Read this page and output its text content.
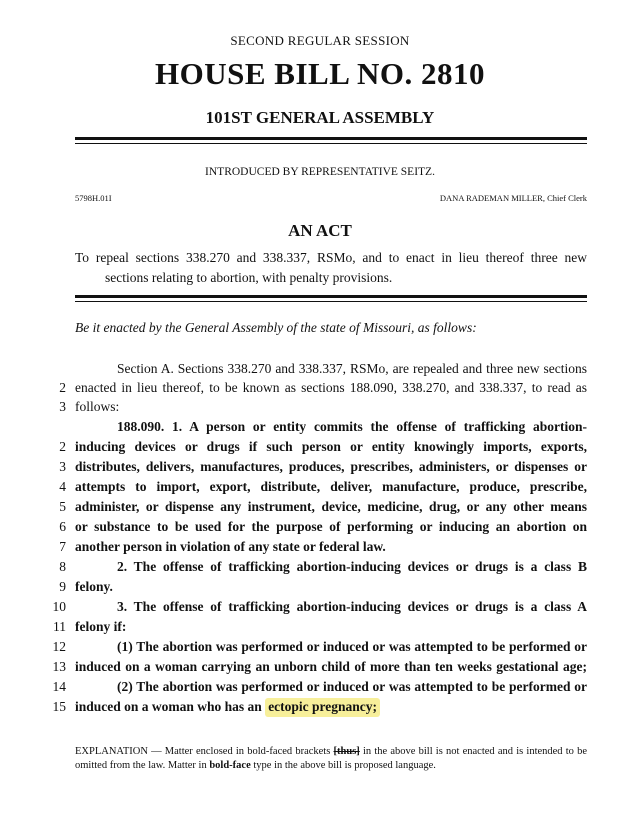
SECOND REGULAR SESSION
HOUSE BILL NO. 2810
101ST GENERAL ASSEMBLY
INTRODUCED BY REPRESENTATIVE SEITZ.
5798H.01I	DANA RADEMAN MILLER, Chief Clerk
AN ACT
To repeal sections 338.270 and 338.337, RSMo, and to enact in lieu thereof three new
sections relating to abortion, with penalty provisions.
Be it enacted by the General Assembly of the state of Missouri, as follows:
Section A. Sections 338.270 and 338.337, RSMo, are repealed and three new sections
2 enacted in lieu thereof, to be known as sections 188.090, 338.270, and 338.337, to read as
3 follows:
188.090. 1. A person or entity commits the offense of trafficking abortion-
2 inducing devices or drugs if such person or entity knowingly imports, exports,
3 distributes, delivers, manufactures, produces, prescribes, administers, or dispenses or
4 attempts to import, export, distribute, deliver, manufacture, produce, prescribe,
5 administer, or dispense any instrument, device, medicine, drug, or any other means
6 or substance to be used for the purpose of performing or inducing an abortion on
7 another person in violation of any state or federal law.
8	2. The offense of trafficking abortion-inducing devices or drugs is a class B
9 felony.
10	3. The offense of trafficking abortion-inducing devices or drugs is a class A
11 felony if:
12	(1) The abortion was performed or induced or was attempted to be performed or
13 induced on a woman carrying an unborn child of more than ten weeks gestational age;
14	(2) The abortion was performed or induced or was attempted to be performed or
15 induced on a woman who has an ectopic pregnancy;
EXPLANATION — Matter enclosed in bold-faced brackets [thus] in the above bill is not enacted and is intended to be omitted from the law. Matter in bold-face type in the above bill is proposed language.
